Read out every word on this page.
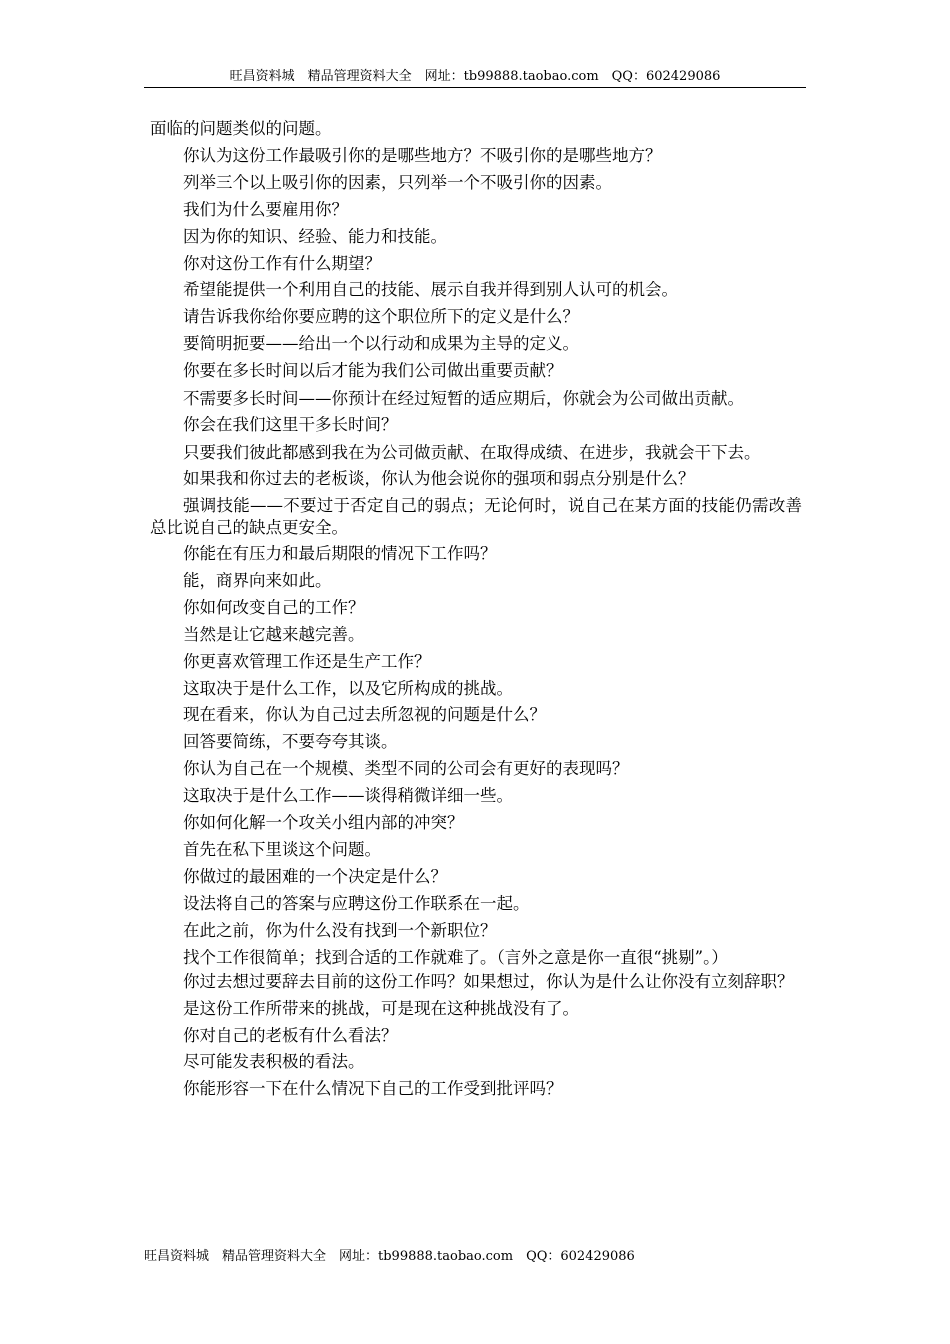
旺昌资料城　精品管理资料大全　网址：tb99888.taobao.com　QQ：602429086

面临的问题类似的问题。

你认为这份工作最吸引你的是哪些地方？不吸引你的是哪些地方？

列举三个以上吸引你的因素，只列举一个不吸引你的因素。

我们为什么要雇用你？

因为你的知识、经验、能力和技能。

你对这份工作有什么期望？

希望能提供一个利用自己的技能、展示自我并得到别人认可的机会。

请告诉我你给你要应聘的这个职位所下的定义是什么？

要简明扼要——给出一个以行动和成果为主导的定义。

你要在多长时间以后才能为我们公司做出重要贡献？

不需要多长时间——你预计在经过短暂的适应期后，你就会为公司做出贡献。

你会在我们这里干多长时间？

只要我们彼此都感到我在为公司做贡献、在取得成绩、在进步，我就会干下去。

如果我和你过去的老板谈，你认为他会说你的强项和弱点分别是什么？

强调技能——不要过于否定自己的弱点；无论何时，说自己在某方面的技能仍需改善总比说自己的缺点更安全。

你能在有压力和最后期限的情况下工作吗？

能，商界向来如此。

你如何改变自己的工作？

当然是让它越来越完善。

你更喜欢管理工作还是生产工作？

这取决于是什么工作，以及它所构成的挑战。

现在看来，你认为自己过去所忽视的问题是什么？

回答要简练，不要夸夸其谈。

你认为自己在一个规模、类型不同的公司会有更好的表现吗？

这取决于是什么工作——谈得稍微详细一些。

你如何化解一个攻关小组内部的冲突？

首先在私下里谈这个问题。

你做过的最困难的一个决定是什么？

设法将自己的答案与应聘这份工作联系在一起。

在此之前，你为什么没有找到一个新职位？

找个工作很简单；找到合适的工作就难了。（言外之意是你一直很“挑剔”。）

你过去想过要辞去目前的这份工作吗？如果想过，你认为是什么让你没有立刻辞职？

是这份工作所带来的挑战，可是现在这种挑战没有了。

你对自己的老板有什么看法？

尽可能发表积极的看法。

你能形容一下在什么情况下自己的工作受到批评吗？

旺昌资料城　精品管理资料大全　网址：tb99888.taobao.com　QQ：602429086
